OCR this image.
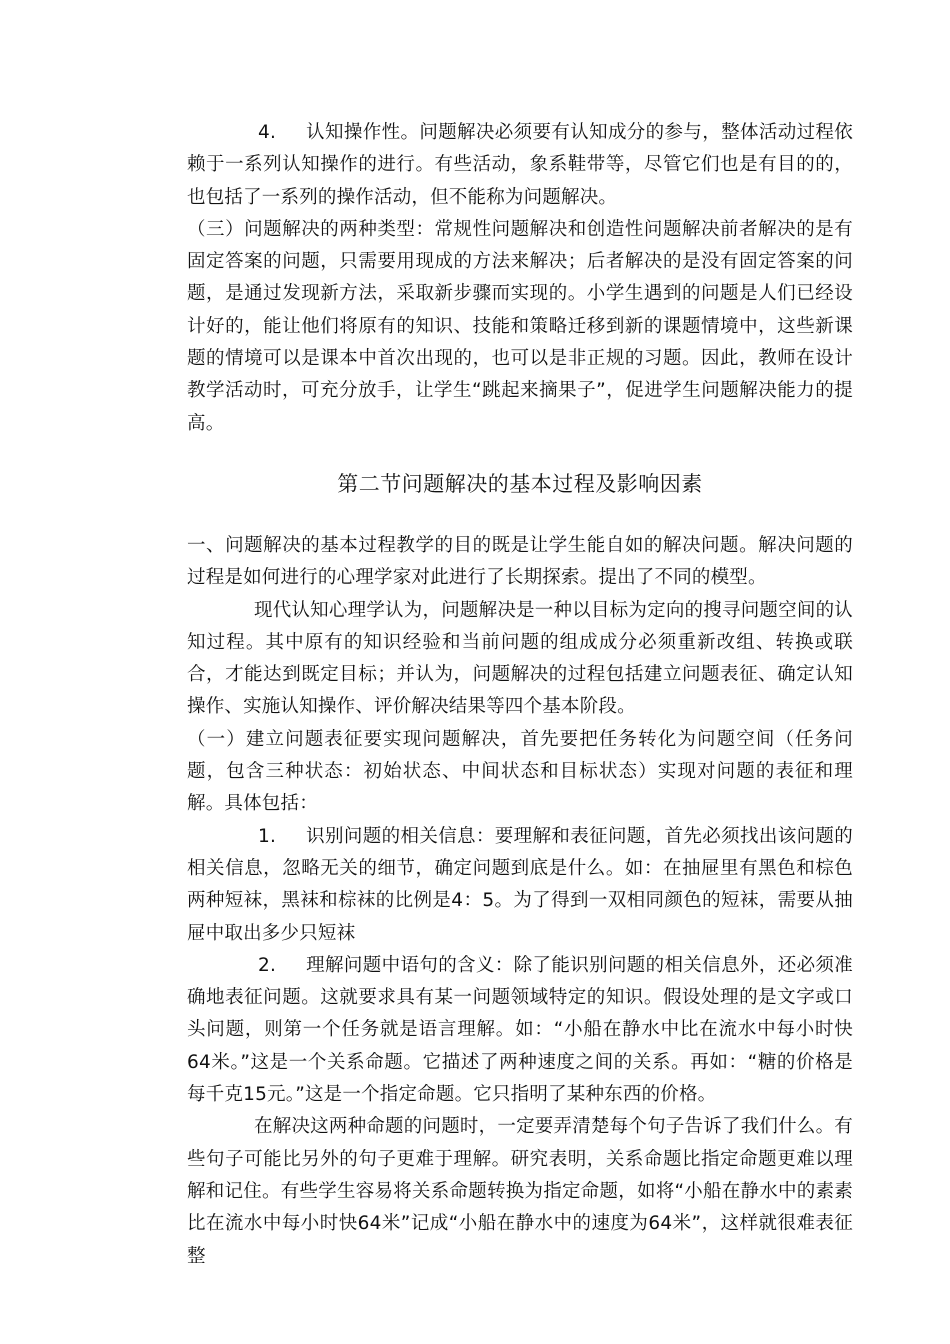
4. 认知操作性。问题解决必须要有认知成分的参与，整体活动过程依赖于一系列认知操作的进行。有些活动，象系鞋带等，尽管它们也是有目的的，也包括了一系列的操作活动，但不能称为问题解决。

（三）问题解决的两种类型：常规性问题解决和创造性问题解决前者解决的是有固定答案的问题，只需要用现成的方法来解决；后者解决的是没有固定答案的问题，是通过发现新方法，采取新步骤而实现的。小学生遇到的问题是人们已经设计好的，能让他们将原有的知识、技能和策略迁移到新的课题情境中，这些新课题的情境可以是课本中首次出现的，也可以是非正规的习题。因此，教师在设计教学活动时，可充分放手，让学生“跳起来摘果子”，促进学生问题解决能力的提高。

第二节问题解决的基本过程及影响因素

一、问题解决的基本过程教学的目的既是让学生能自如的解决问题。解决问题的过程是如何进行的心理学家对此进行了长期探索。提出了不同的模型。

现代认知心理学认为，问题解决是一种以目标为定向的搜寻问题空间的认知过程。其中原有的知识经验和当前问题的组成成分必须重新改组、转换或联合，才能达到既定目标；并认为，问题解决的过程包括建立问题表征、确定认知操作、实施认知操作、评价解决结果等四个基本阶段。

（一）建立问题表征要实现问题解决，首先要把任务转化为问题空间（任务问题，包含三种状态：初始状态、中间状态和目标状态）实现对问题的表征和理解。具体包括：

1. 识别问题的相关信息：要理解和表征问题，首先必须找出该问题的相关信息，忽略无关的细节，确定问题到底是什么。如：在抽屉里有黑色和棕色两种短袜，黑袜和棕袜的比例是4：5。为了得到一双相同颜色的短袜，需要从抽屉中取出多少只短袜

2. 理解问题中语句的含义：除了能识别问题的相关信息外，还必须准确地表征问题。这就要求具有某一问题领域特定的知识。假设处理的是文字或口头问题，则第一个任务就是语言理解。如：“小船在静水中比在流水中每小时快64米。”这是一个关系命题。它描述了两种速度之间的关系。再如：“糖的价格是每千克15元。”这是一个指定命题。它只指明了某种东西的价格。

在解决这两种命题的问题时，一定要弄清楚每个句子告诉了我们什么。有些句子可能比另外的句子更难于理解。研究表明，关系命题比指定命题更难以理解和记住。有些学生容易将关系命题转换为指定命题，如将“小船在静水中的素素比在流水中每小时快64米”记成“小船在静水中的速度为64米”，这样就很难表征整
